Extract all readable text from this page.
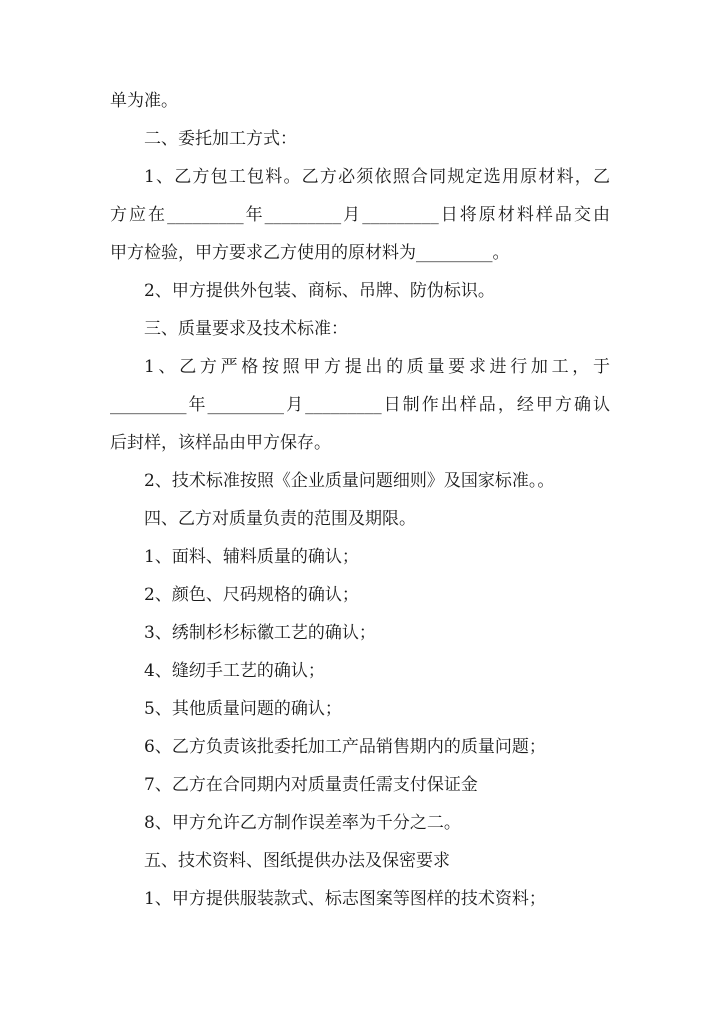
单为准。
二、委托加工方式：
1、乙方包工包料。乙方必须依照合同规定选用原材料，乙
方应在_________年_________月_________日将原材料样品交由
甲方检验，甲方要求乙方使用的原材料为_________。
2、甲方提供外包装、商标、吊牌、防伪标识。
三、质量要求及技术标准：
1、乙方严格按照甲方提出的质量要求进行加工，于
_________年_________月_________日制作出样品，经甲方确认
后封样，该样品由甲方保存。
2、技术标准按照《企业质量问题细则》及国家标准。。
四、乙方对质量负责的范围及期限。
1、面料、辅料质量的确认；
2、颜色、尺码规格的确认；
3、绣制杉杉标徽工艺的确认；
4、缝纫手工艺的确认；
5、其他质量问题的确认；
6、乙方负责该批委托加工产品销售期内的质量问题；
7、乙方在合同期内对质量责任需支付保证金
8、甲方允许乙方制作误差率为千分之二。
五、技术资料、图纸提供办法及保密要求
1、甲方提供服装款式、标志图案等图样的技术资料；
